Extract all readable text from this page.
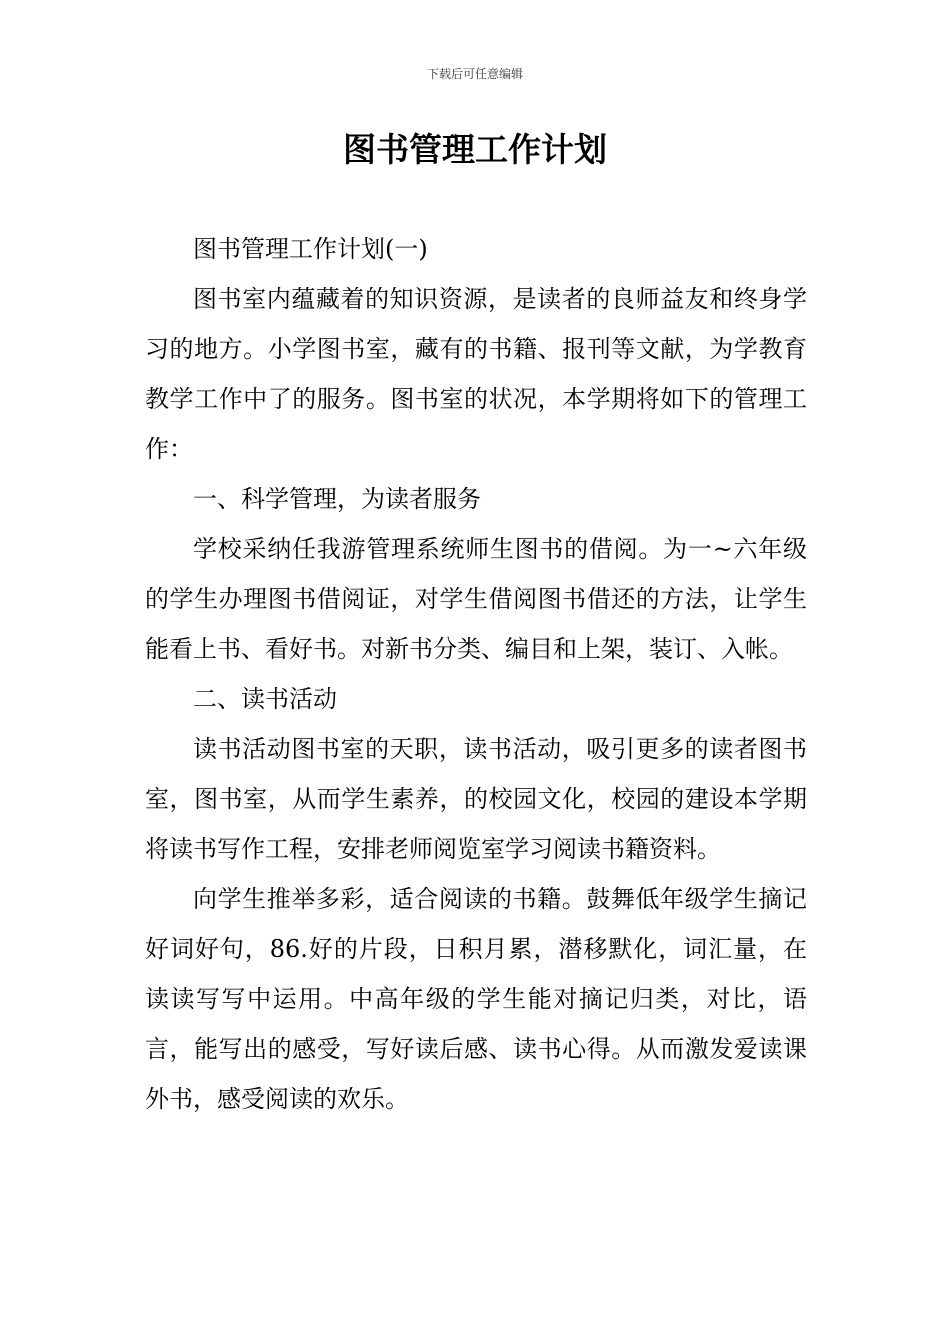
下载后可任意编辑
图书管理工作计划

图书管理工作计划(一)

图书室内蕴藏着的知识资源，是读者的良师益友和终身学习的地方。小学图书室，藏有的书籍、报刊等文献，为学教育教学工作中了的服务。图书室的状况，本学期将如下的管理工作：

一、科学管理，为读者服务

学校采纳任我游管理系统师生图书的借阅。为一~六年级的学生办理图书借阅证，对学生借阅图书借还的方法，让学生能看上书、看好书。对新书分类、编目和上架，装订、入帐。

二、读书活动

读书活动图书室的天职，读书活动，吸引更多的读者图书室，图书室，从而学生素养，的校园文化，校园的建设本学期将读书写作工程，安排老师阅览室学习阅读书籍资料。

向学生推举多彩，适合阅读的书籍。鼓舞低年级学生摘记好词好句，86.好的片段，日积月累，潜移默化，词汇量，在读读写写中运用。中高年级的学生能对摘记归类，对比，语言，能写出的感受，写好读后感、读书心得。从而激发爱读课外书，感受阅读的欢乐。
